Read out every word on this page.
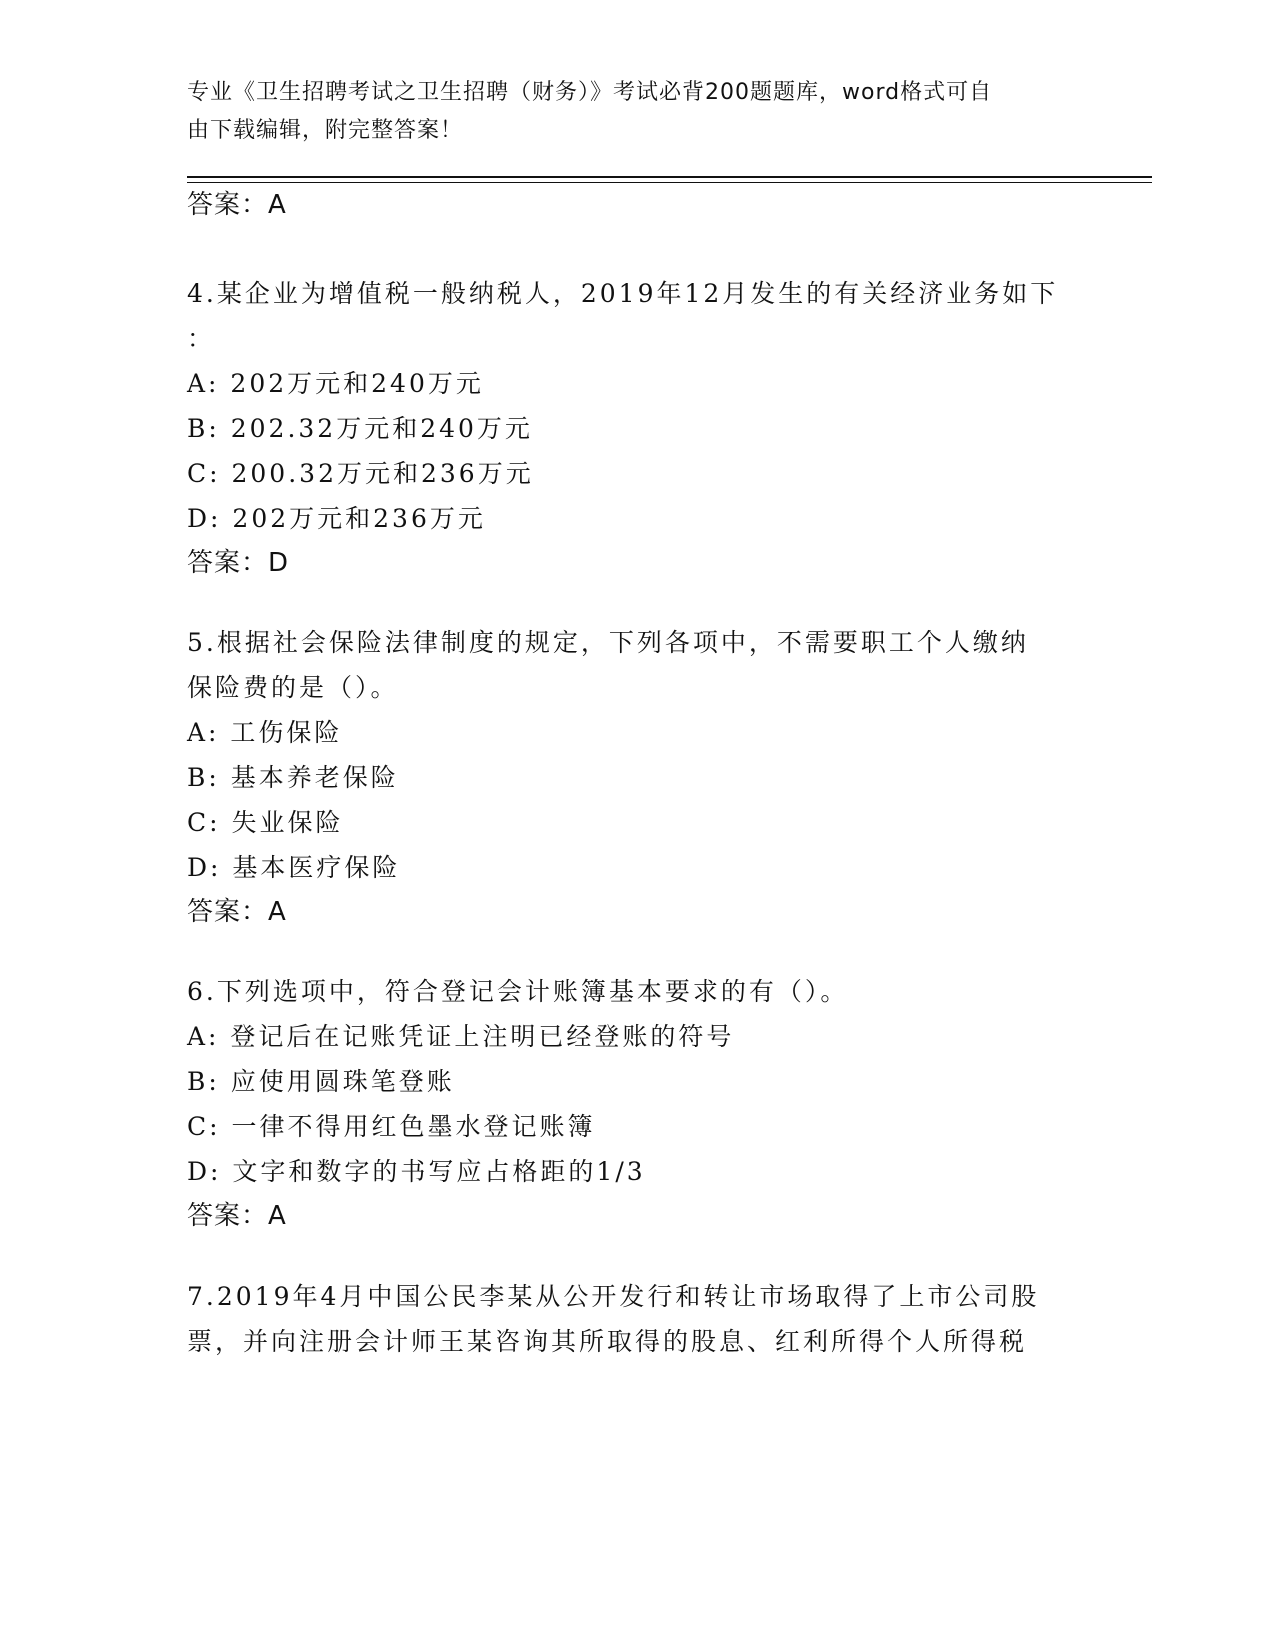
专业《卫生招聘考试之卫生招聘（财务）》考试必背200题题库，word格式可自
由下载编辑，附完整答案！
答案：A
4.某企业为增值税一般纳税人，2019年12月发生的有关经济业务如下
：
A: 202万元和240万元
B: 202.32万元和240万元
C: 200.32万元和236万元
D: 202万元和236万元
答案：D
5.根据社会保险法律制度的规定，下列各项中，不需要职工个人缴纳
保险费的是（）。
A: 工伤保险
B: 基本养老保险
C: 失业保险
D: 基本医疗保险
答案：A
6.下列选项中，符合登记会计账簿基本要求的有（）。
A: 登记后在记账凭证上注明已经登账的符号
B: 应使用圆珠笔登账
C: 一律不得用红色墨水登记账簿
D: 文字和数字的书写应占格距的1/3
答案：A
7.2019年4月中国公民李某从公开发行和转让市场取得了上市公司股
票，并向注册会计师王某咨询其所取得的股息、红利所得个人所得税
